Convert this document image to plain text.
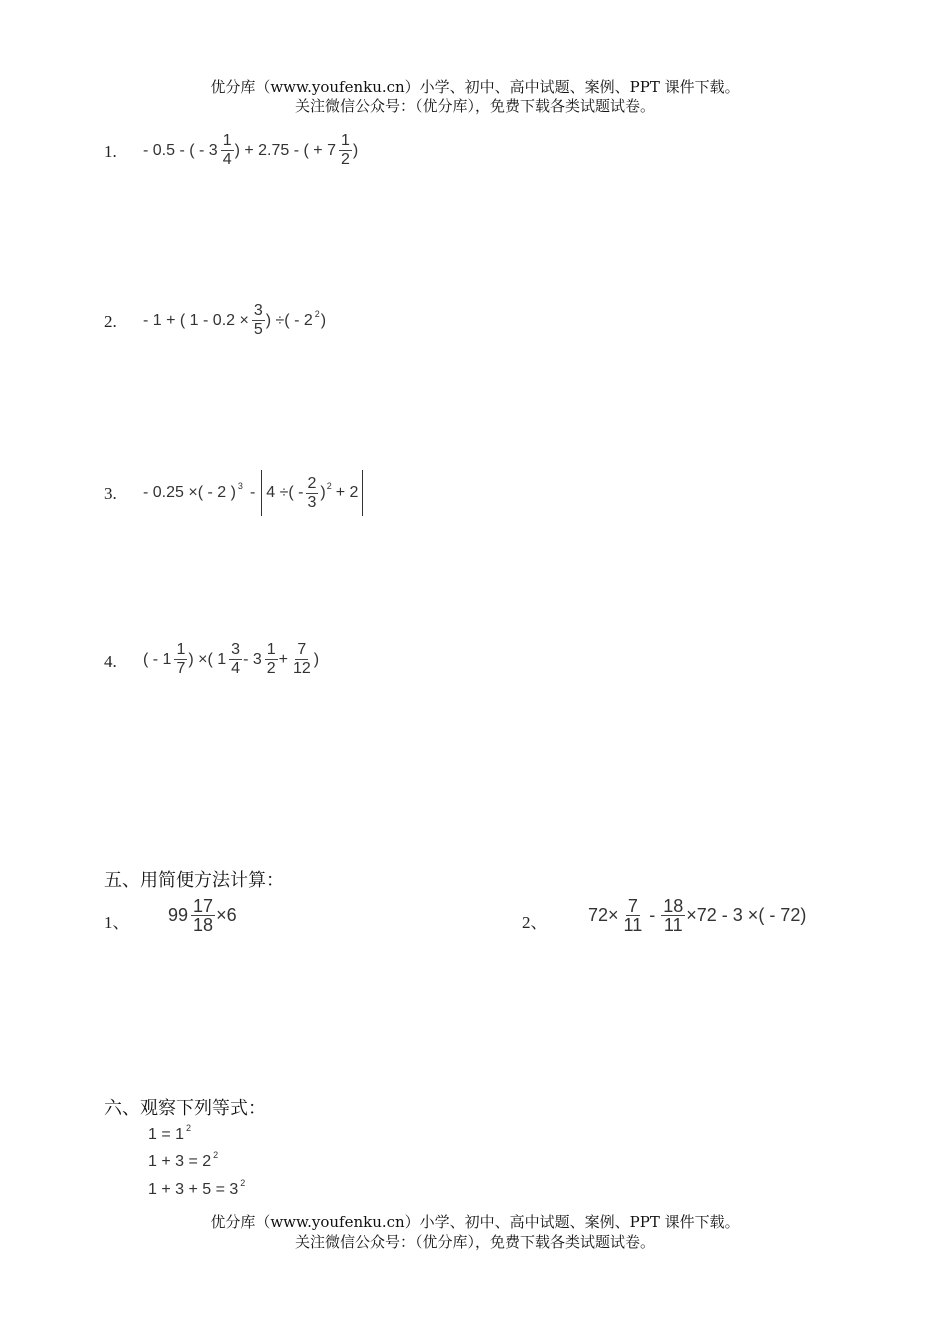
优分库（www.youfenku.cn）小学、初中、高中试题、案例、PPT 课件下载。
关注微信公众号：（优分库），免费下载各类试题试卷。
1. - 0.5 - ( - $3 \frac{1}{4}$ ) + 2.75 - ( + $7 \frac{1}{2}$ )
2. - 1 + ( $1 - 0.2 \times \frac{3}{5}$ ) ÷( - 2 2 )
3. - 0.25 ×( - 2 ) 3 - 4 ÷( - $\frac{2}{3}$ ) 2 + 2
4. ( - $1 \frac{1}{7}$ ) ×( $1 \frac{3}{4} - 3 \frac{1}{2} + \frac{7}{12}$ )
五、用简便方法计算：
1、 $99 \frac{17}{18} \times 6$	2、 $72\times \frac{7}{11} - \frac{18}{11} \times 72 - 3$ ×( - 72)
六、观察下列等式：
1 = 1 2
1 + 3 = 2 2
1 + 3 + 5 = 3 2
优分库（www.youfenku.cn）小学、初中、高中试题、案例、PPT 课件下载。
关注微信公众号：（优分库），免费下载各类试题试卷。
